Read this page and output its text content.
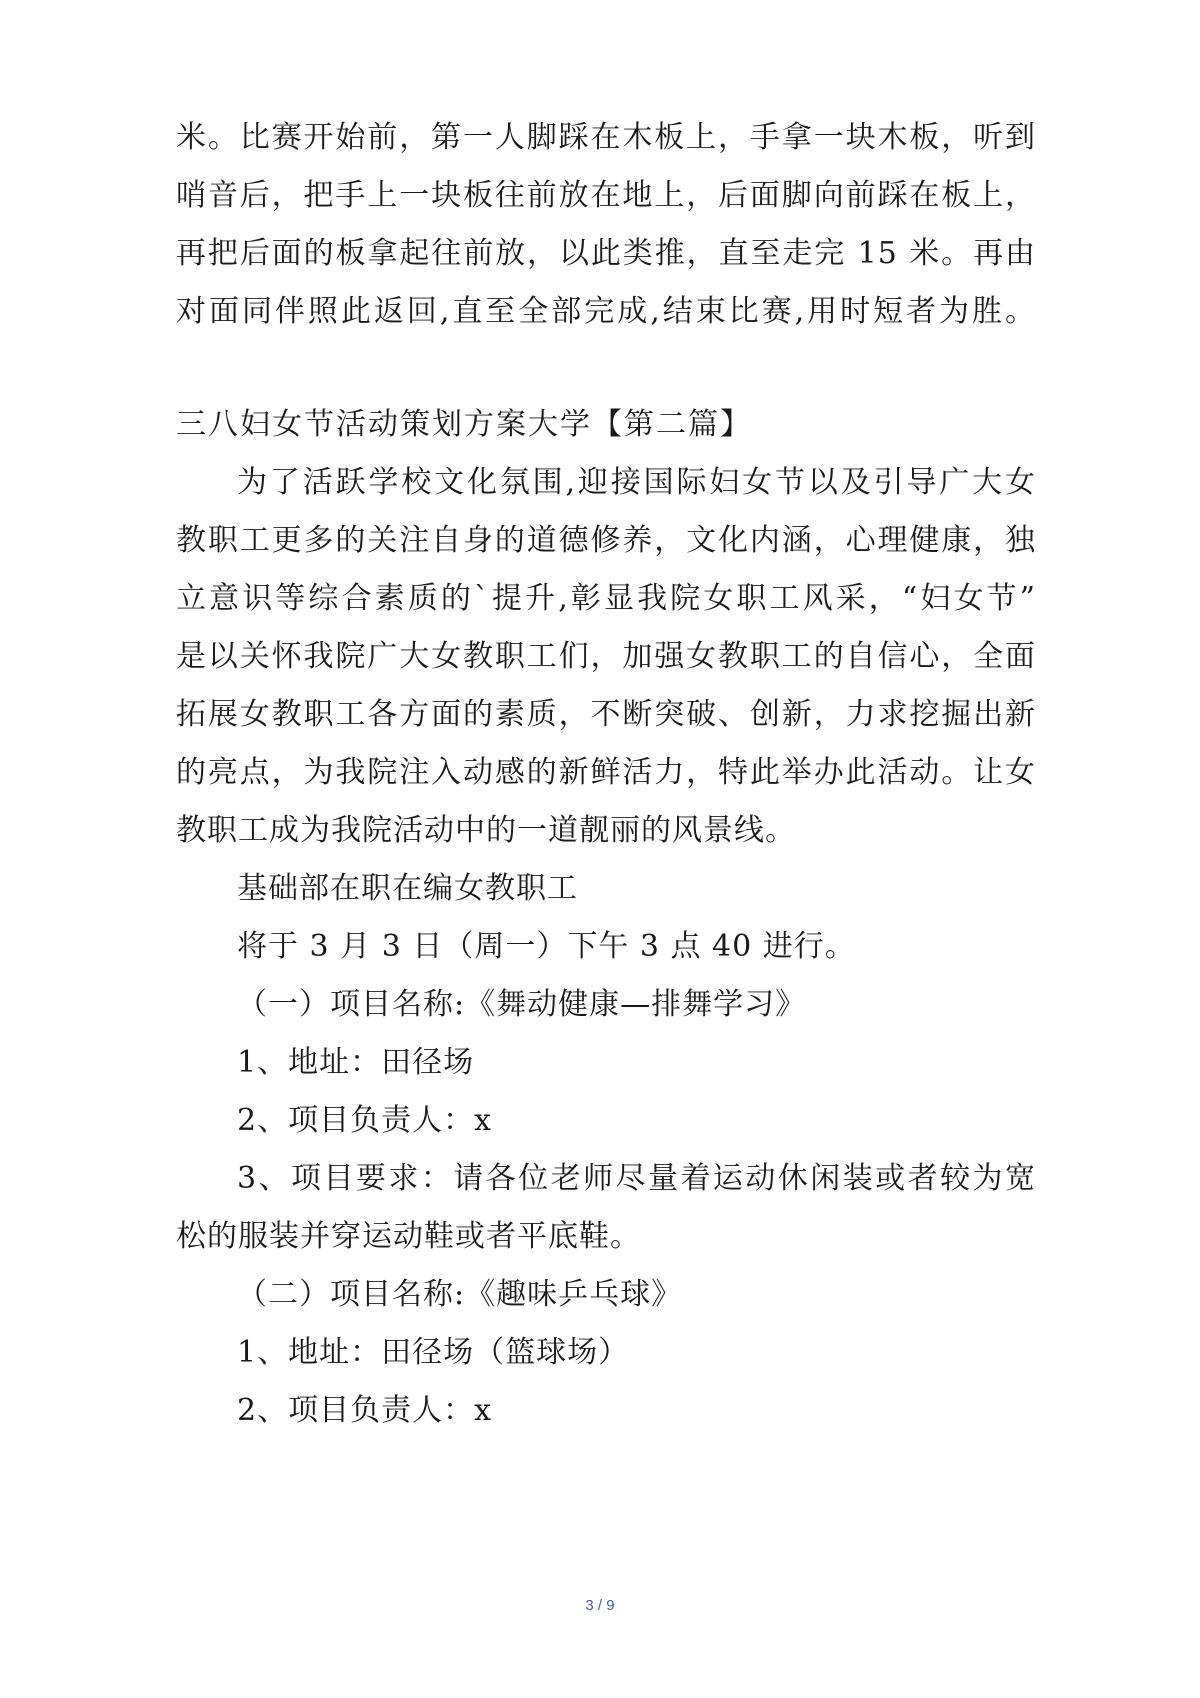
米。比赛开始前，第一人脚踩在木板上，手拿一块木板，听到
哨音后，把手上一块板往前放在地上，后面脚向前踩在板上，
再把后面的板拿起往前放，以此类推，直至走完 15 米。再由
对面同伴照此返回,直至全部完成,结束比赛,用时短者为胜。
三八妇女节活动策划方案大学【第二篇】
为了活跃学校文化氛围,迎接国际妇女节以及引导广大女
教职工更多的关注自身的道德修养，文化内涵，心理健康，独
立意识等综合素质的`提升,彰显我院女职工风采，“妇女节”
是以关怀我院广大女教职工们，加强女教职工的自信心，全面
拓展女教职工各方面的素质，不断突破、创新，力求挖掘出新
的亮点，为我院注入动感的新鲜活力，特此举办此活动。让女
教职工成为我院活动中的一道靓丽的风景线。
基础部在职在编女教职工
将于 3 月 3 日（周一）下午 3 点 40 进行。
（一）项目名称:《舞动健康—排舞学习》
1、地址：田径场
2、项目负责人：x
3、项目要求：请各位老师尽量着运动休闲装或者较为宽
松的服装并穿运动鞋或者平底鞋。
（二）项目名称:《趣味乒乓球》
1、地址：田径场（篮球场）
2、项目负责人：x
3 / 9
